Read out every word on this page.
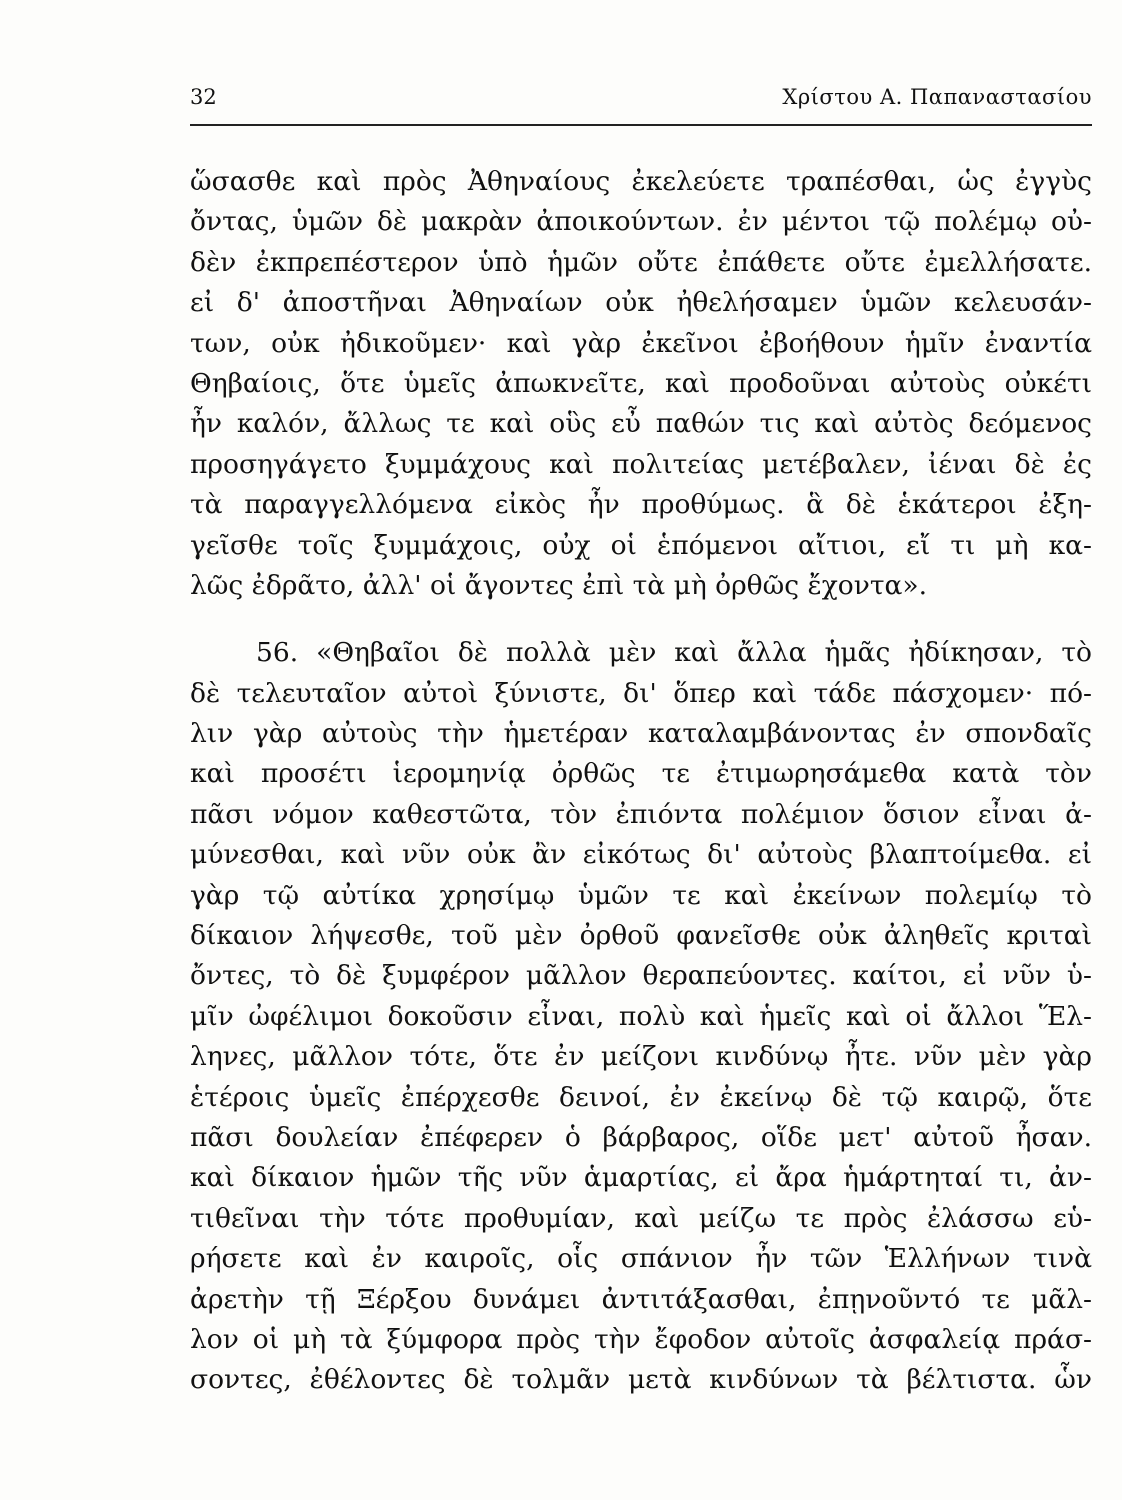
32	Χρίστου Α. Παπαναστασίου

ὥσασθε καὶ πρὸς Ἀθηναίους ἐκελεύετε τραπέσθαι, ὡς ἐγγὺς
ὄντας, ὑμῶν δὲ μακρὰν ἀποικούντων. ἐν μέντοι τῷ πολέμῳ οὐ-
δὲν ἐκπρεπέστερον ὑπὸ ἡμῶν οὔτε ἐπάθετε οὔτε ἐμελλήσατε.
εἰ δ' ἀποστῆναι Ἀθηναίων οὐκ ἠθελήσαμεν ὑμῶν κελευσάν-
των, οὐκ ἠδικοῦμεν· καὶ γὰρ ἐκεῖνοι ἐβοήθουν ἡμῖν ἐναντία
Θηβαίοις, ὅτε ὑμεῖς ἀπωκνεῖτε, καὶ προδοῦναι αὐτοὺς οὐκέτι
ἦν καλόν, ἄλλως τε καὶ οὓς εὖ παθών τις καὶ αὐτὸς δεόμενος
προσηγάγετο ξυμμάχους καὶ πολιτείας μετέβαλεν, ἰέναι δὲ ἐς
τὰ παραγγελλόμενα εἰκὸς ἦν προθύμως. ἃ δὲ ἑκάτεροι ἐξη-
γεῖσθε τοῖς ξυμμάχοις, οὐχ οἱ ἑπόμενοι αἴτιοι, εἴ τι μὴ κα-
λῶς ἐδρᾶτο, ἀλλ' οἱ ἄγοντες ἐπὶ τὰ μὴ ὀρθῶς ἔχοντα».

56. «Θηβαῖοι δὲ πολλὰ μὲν καὶ ἄλλα ἡμᾶς ἠδίκησαν, τὸ
δὲ τελευταῖον αὐτοὶ ξύνιστε, δι' ὅπερ καὶ τάδε πάσχομεν· πό-
λιν γὰρ αὐτοὺς τὴν ἡμετέραν καταλαμβάνοντας ἐν σπονδαῖς
καὶ προσέτι ἱερομηνίᾳ ὀρθῶς τε ἐτιμωρησάμεθα κατὰ τὸν
πᾶσι νόμον καθεστῶτα, τὸν ἐπιόντα πολέμιον ὅσιον εἶναι ἀ-
μύνεσθαι, καὶ νῦν οὐκ ἂν εἰκότως δι' αὐτοὺς βλαπτοίμεθα. εἰ
γὰρ τῷ αὐτίκα χρησίμῳ ὑμῶν τε καὶ ἐκείνων πολεμίῳ τὸ
δίκαιον λήψεσθε, τοῦ μὲν ὀρθοῦ φανεῖσθε οὐκ ἀληθεῖς κριταὶ
ὄντες, τὸ δὲ ξυμφέρον μᾶλλον θεραπεύοντες. καίτοι, εἰ νῦν ὑ-
μῖν ὠφέλιμοι δοκοῦσιν εἶναι, πολὺ καὶ ἡμεῖς καὶ οἱ ἄλλοι Ἕλ-
ληνες, μᾶλλον τότε, ὅτε ἐν μείζονι κινδύνῳ ἦτε. νῦν μὲν γὰρ
ἑτέροις ὑμεῖς ἐπέρχεσθε δεινοί, ἐν ἐκείνῳ δὲ τῷ καιρῷ, ὅτε
πᾶσι δουλείαν ἐπέφερεν ὁ βάρβαρος, οἵδε μετ' αὐτοῦ ἦσαν.
καὶ δίκαιον ἡμῶν τῆς νῦν ἁμαρτίας, εἰ ἄρα ἡμάρτηταί τι, ἀν-
τιθεῖναι τὴν τότε προθυμίαν, καὶ μείζω τε πρὸς ἐλάσσω εὑ-
ρήσετε καὶ ἐν καιροῖς, οἷς σπάνιον ἦν τῶν Ἑλλήνων τινὰ
ἀρετὴν τῇ Ξέρξου δυνάμει ἀντιτάξασθαι, ἐπῃνοῦντό τε μᾶλ-
λον οἱ μὴ τὰ ξύμφορα πρὸς τὴν ἔφοδον αὐτοῖς ἀσφαλείᾳ πράσ-
σοντες, ἐθέλοντες δὲ τολμᾶν μετὰ κινδύνων τὰ βέλτιστα. ὧν
